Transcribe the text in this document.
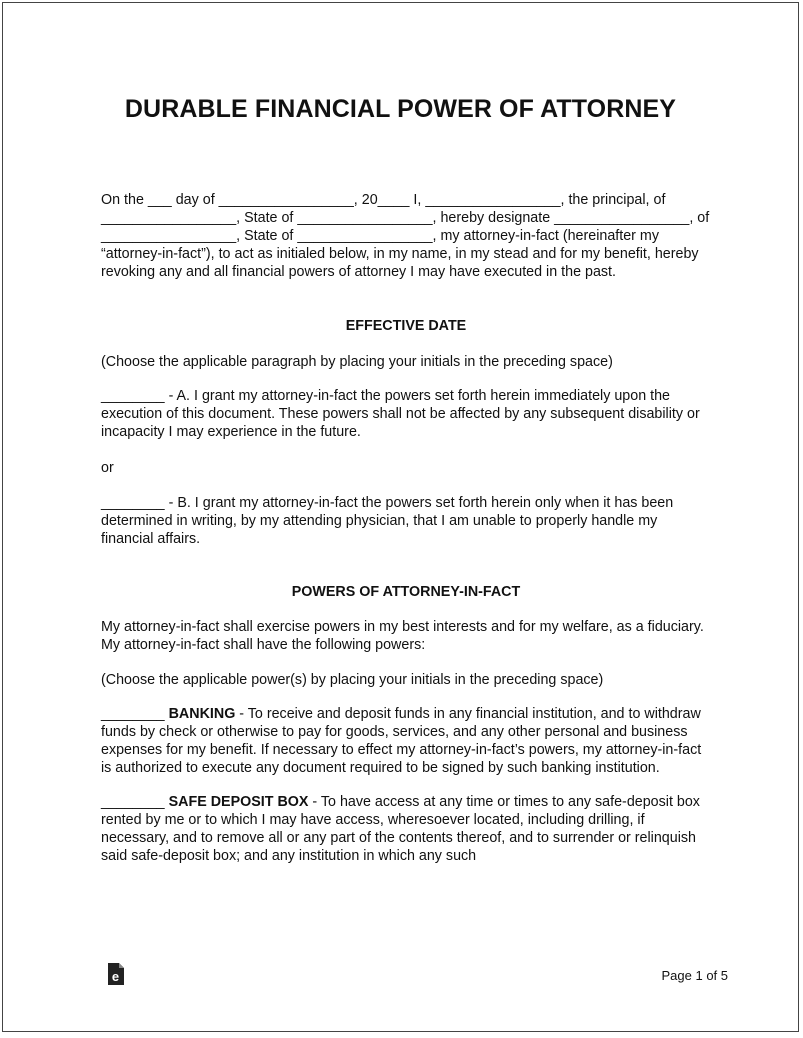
DURABLE FINANCIAL POWER OF ATTORNEY

On the ___ day of _________________, 20____ I, _________________, the principal, of _________________, State of _________________, hereby designate _________________, of _________________, State of _________________, my attorney-in-fact (hereinafter my “attorney-in-fact”), to act as initialed below, in my name, in my stead and for my benefit, hereby revoking any and all financial powers of attorney I may have executed in the past.

EFFECTIVE DATE

(Choose the applicable paragraph by placing your initials in the preceding space)

________ - A. I grant my attorney-in-fact the powers set forth herein immediately upon the execution of this document. These powers shall not be affected by any subsequent disability or incapacity I may experience in the future.

or

________ - B. I grant my attorney-in-fact the powers set forth herein only when it has been determined in writing, by my attending physician, that I am unable to properly handle my financial affairs.

POWERS OF ATTORNEY-IN-FACT

My attorney-in-fact shall exercise powers in my best interests and for my welfare, as a fiduciary. My attorney-in-fact shall have the following powers:

(Choose the applicable power(s) by placing your initials in the preceding space)

________ BANKING - To receive and deposit funds in any financial institution, and to withdraw funds by check or otherwise to pay for goods, services, and any other personal and business expenses for my benefit. If necessary to effect my attorney-in-fact’s powers, my attorney-in-fact is authorized to execute any document required to be signed by such banking institution.

________ SAFE DEPOSIT BOX - To have access at any time or times to any safe-deposit box rented by me or to which I may have access, wheresoever located, including drilling, if necessary, and to remove all or any part of the contents thereof, and to surrender or relinquish said safe-deposit box; and any institution in which any such

e	Page 1 of 5
